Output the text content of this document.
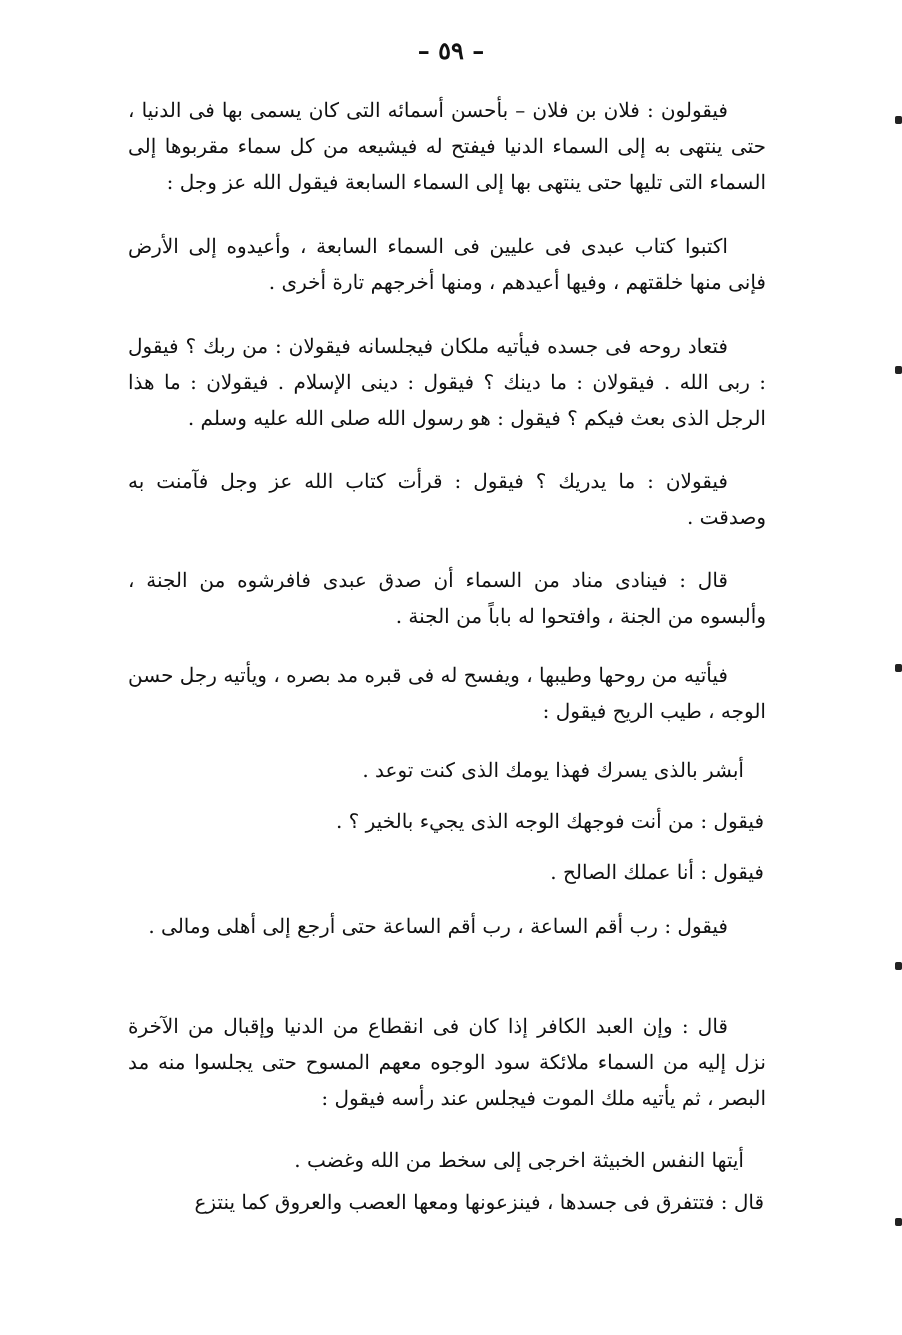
– ٥٩ –

فيقولون : فلان بن فلان – بأحسن أسمائه التى كان يسمى بها فى الدنيا ، حتى ينتهى به إلى السماء الدنيا فيفتح له فيشيعه من كل سماء مقربوها إلى السماء التى تليها حتى ينتهى بها إلى السماء السابعة فيقول الله عز وجل :

اكتبوا كتاب عبدى فى عليين فى السماء السابعة ، وأعيدوه إلى الأرض فإنى منها خلقتهم ، وفيها أعيدهم ، ومنها أخرجهم تارة أخرى .

فتعاد روحه فى جسده فيأتيه ملكان فيجلسانه فيقولان : من ربك ؟ فيقول : ربى الله . فيقولان : ما دينك ؟ فيقول : دينى الإسلام . فيقولان : ما هذا الرجل الذى بعث فيكم ؟ فيقول : هو رسول الله صلى الله عليه وسلم .

فيقولان : ما يدريك ؟ فيقول : قرأت كتاب الله عز وجل فآمنت به وصدقت .

قال : فينادى مناد من السماء أن صدق عبدى فافرشوه من الجنة ، وألبسوه من الجنة ، وافتحوا له باباً من الجنة .

فيأتيه من روحها وطيبها ، ويفسح له فى قبره مد بصره ، ويأتيه رجل حسن الوجه ، طيب الريح فيقول :

أبشر بالذى يسرك فهذا يومك الذى كنت توعد .

فيقول : من أنت فوجهك الوجه الذى يجيء بالخير ؟ .

فيقول : أنا عملك الصالح .

فيقول : رب أقم الساعة ، رب أقم الساعة حتى أرجع إلى أهلى ومالى .

قال : وإن العبد الكافر إذا كان فى انقطاع من الدنيا وإقبال من الآخرة نزل إليه من السماء ملائكة سود الوجوه معهم المسوح حتى يجلسوا منه مد البصر ، ثم يأتيه ملك الموت فيجلس عند رأسه فيقول :

أيتها النفس الخبيثة اخرجى إلى سخط من الله وغضب .

قال : فتتفرق فى جسدها ، فينزعونها ومعها العصب والعروق كما ينتزع
